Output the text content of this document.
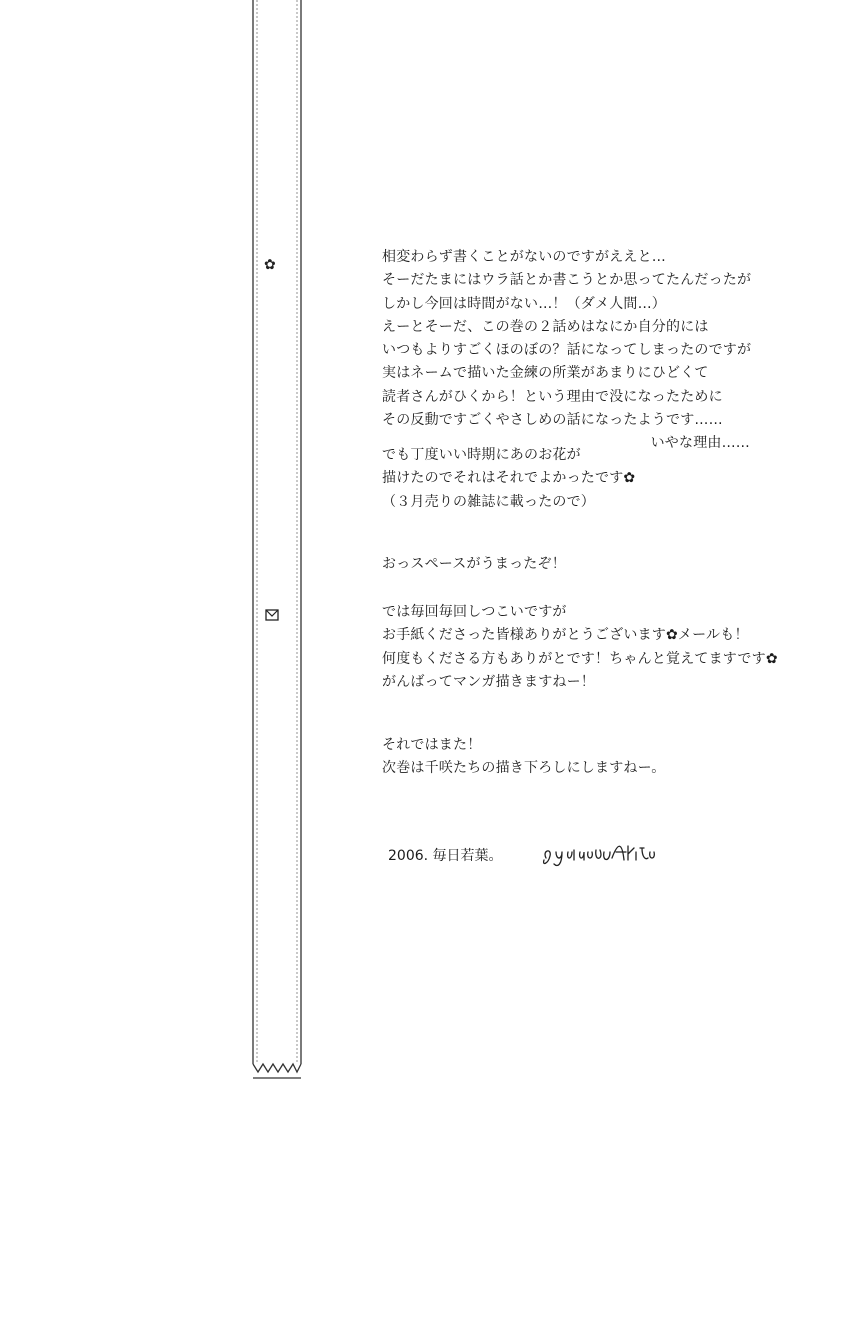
✿	相変わらず書くことがないのですがええと…
そーだたまにはウラ話とか書こうとか思ってたんだったが
しかし今回は時間がない…！（ダメ人間…）
えーとそーだ、この巻の２話めはなにか自分的には
いつもよりすごくほのぼの？話になってしまったのですが
実はネームで描いた金練の所業があまりにひどくて
読者さんがひくから！という理由で没になったために
その反動ですごくやさしめの話になったようです……
いやな理由……
でも丁度いい時期にあのお花が
描けたのでそれはそれでよかったです✿
（３月売りの雑誌に載ったので）
おっスペースがうまったぞ！
では毎回毎回しつこいですが
お手紙くださった皆様ありがとうございます✿メールも！
何度もくださる方もありがとです！ちゃんと覚えてますです✿
がんばってマンガ描きますねー！
それではまた！
次巻は千咲たちの描き下ろしにしますねー。
2006. 毎日若葉。
